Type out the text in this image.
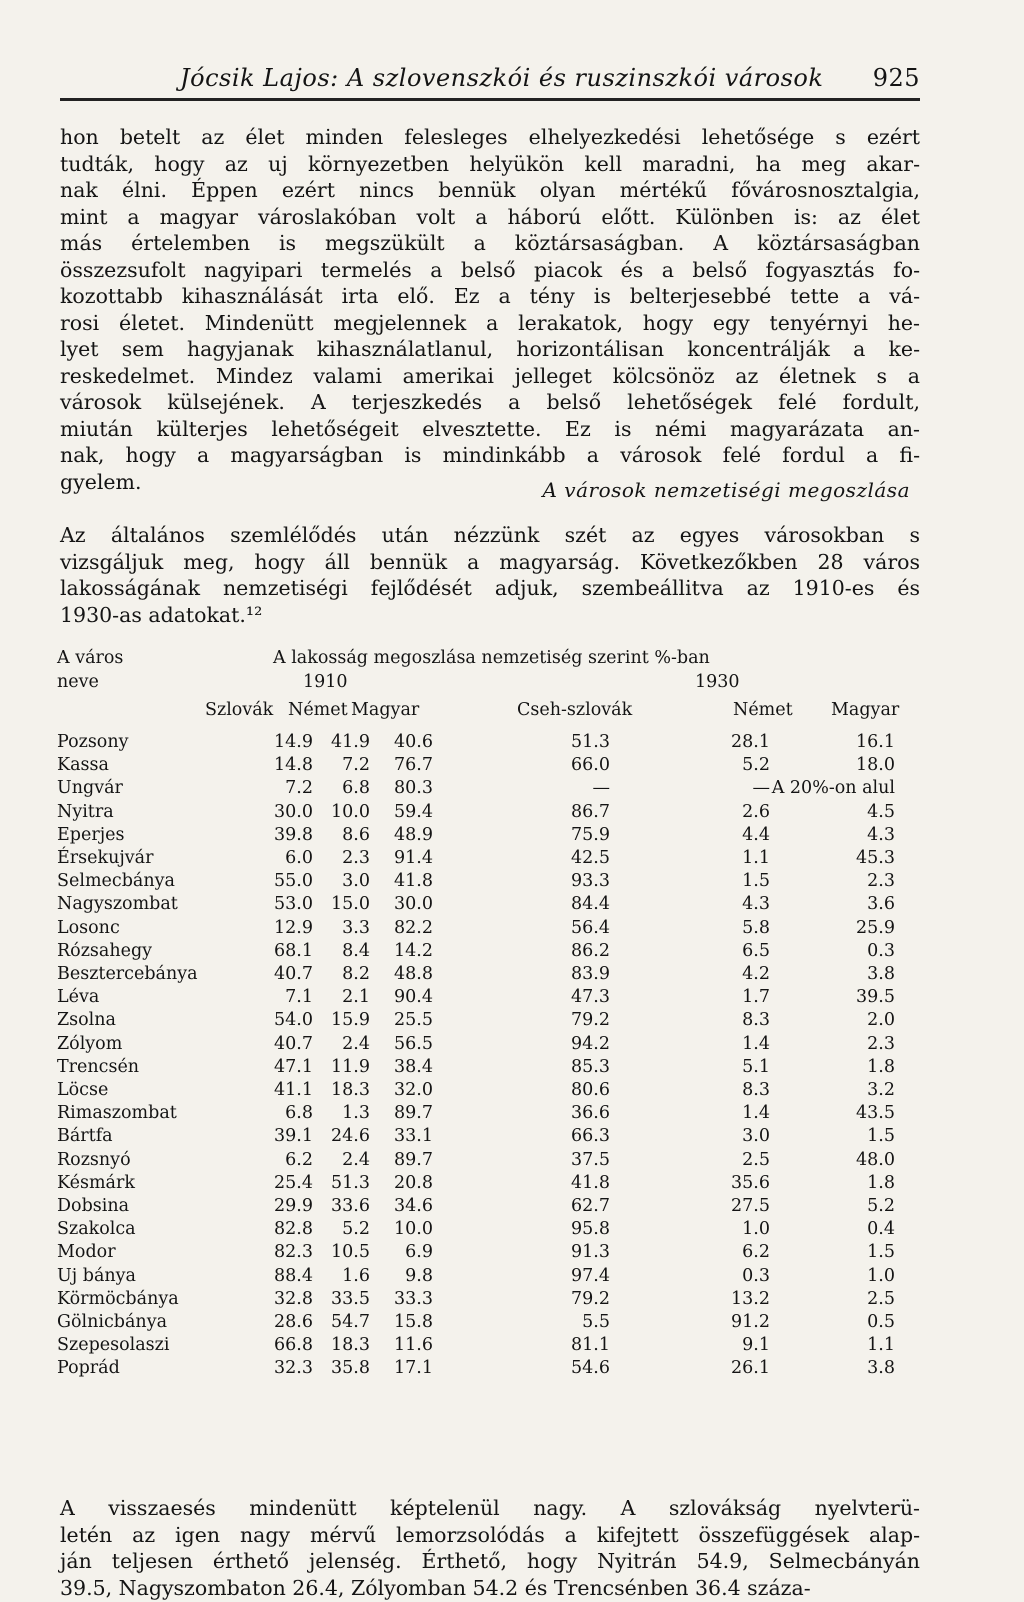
Jócsik Lajos: A szlovenszkói és ruszinszkói városok 925
hon betelt az élet minden felesleges elhelyezkedési lehetősége s ezért
tudták, hogy az uj környezetben helyükön kell maradni, ha meg akar-
nak élni. Éppen ezért nincs bennük olyan mértékű fővárosnosztalgia,
mint a magyar városlakóban volt a háború előtt. Különben is: az élet
más értelemben is megszükült a köztársaságban. A köztársaságban
összezsufolt nagyipari termelés a belső piacok és a belső fogyasztás fo-
kozottabb kihasználását irta elő. Ez a tény is belterjesebbé tette a vá-
rosi életet. Mindenütt megjelennek a lerakatok, hogy egy tenyérnyi he-
lyet sem hagyjanak kihasználatlanul, horizontálisan koncentrálják a ke-
reskedelmet. Mindez valami amerikai jelleget kölcsönöz az életnek s a
városok külsejének. A terjeszkedés a belső lehetőségek felé fordult,
miután külterjes lehetőségeit elvesztette. Ez is némi magyarázata an-
nak, hogy a magyarságban is mindinkább a városok felé fordul a fi-
gyelem.	A városok nemzetiségi megoszlása
Az általános szemlélődés után nézzünk szét az egyes városokban s
vizsgáljuk meg, hogy áll bennük a magyarság. Következőkben 28 város
lakosságának nemzetiségi fejlődését adjuk, szembeállitva az 1910-es és
1930-as adatokat.¹²
A város
neve
A lakosság megoszlása nemzetiség szerint %-ban
1910	1930
Szlovák Német Magyar	Cseh-szlovák	Német Magyar
Pozsony	14.9 41.9 40.6	51.3	28.1	16.1
Kassa	14.8 7.2 76.7	66.0	5.2	18.0
Ungvár	7.2 6.8 80.3	—	— A 20%-on alul
Nyitra	30.0 10.0 59.4	86.7	2.6	4.5
Eperjes	39.8 8.6 48.9	75.9	4.4	4.3
Érsekujvár	6.0 2.3 91.4	42.5	1.1	45.3
Selmecbánya	55.0 3.0 41.8	93.3	1.5	2.3
Nagyszombat	53.0 15.0 30.0	84.4	4.3	3.6
Losonc	12.9 3.3 82.2	56.4	5.8	25.9
Rózsahegy	68.1 8.4 14.2	86.2	6.5	0.3
Besztercebánya	40.7 8.2 48.8	83.9	4.2	3.8
Léva	7.1 2.1 90.4	47.3	1.7	39.5
Zsolna	54.0 15.9 25.5	79.2	8.3	2.0
Zólyom	40.7 2.4 56.5	94.2	1.4	2.3
Trencsén	47.1 11.9 38.4	85.3	5.1	1.8
Löcse	41.1 18.3 32.0	80.6	8.3	3.2
Rimaszombat	6.8 1.3 89.7	36.6	1.4	43.5
Bártfa	39.1 24.6 33.1	66.3	3.0	1.5
Rozsnyó	6.2 2.4 89.7	37.5	2.5	48.0
Késmárk	25.4 51.3 20.8	41.8	35.6	1.8
Dobsina	29.9 33.6 34.6	62.7	27.5	5.2
Szakolca	82.8 5.2 10.0	95.8	1.0	0.4
Modor	82.3 10.5 6.9	91.3	6.2	1.5
Uj bánya	88.4 1.6 9.8	97.4	0.3	1.0
Körmöcbánya	32.8 33.5 33.3	79.2	13.2	2.5
Gölnicbánya	28.6 54.7 15.8	5.5	91.2	0.5
Szepesolaszi	66.8 18.3 11.6	81.1	9.1	1.1
Poprád	32.3 35.8 17.1	54.6	26.1	3.8
A visszaesés mindenütt képtelenül nagy. A szlovákság nyelvterü-
letén az igen nagy mérvű lemorzsolódás a kifejtett összefüggések alap-
ján teljesen érthető jelenség. Érthető, hogy Nyitrán 54.9, Selmecbányán
39.5, Nagyszombaton 26.4, Zólyomban 54.2 és Trencsénben 36.4 száza-
